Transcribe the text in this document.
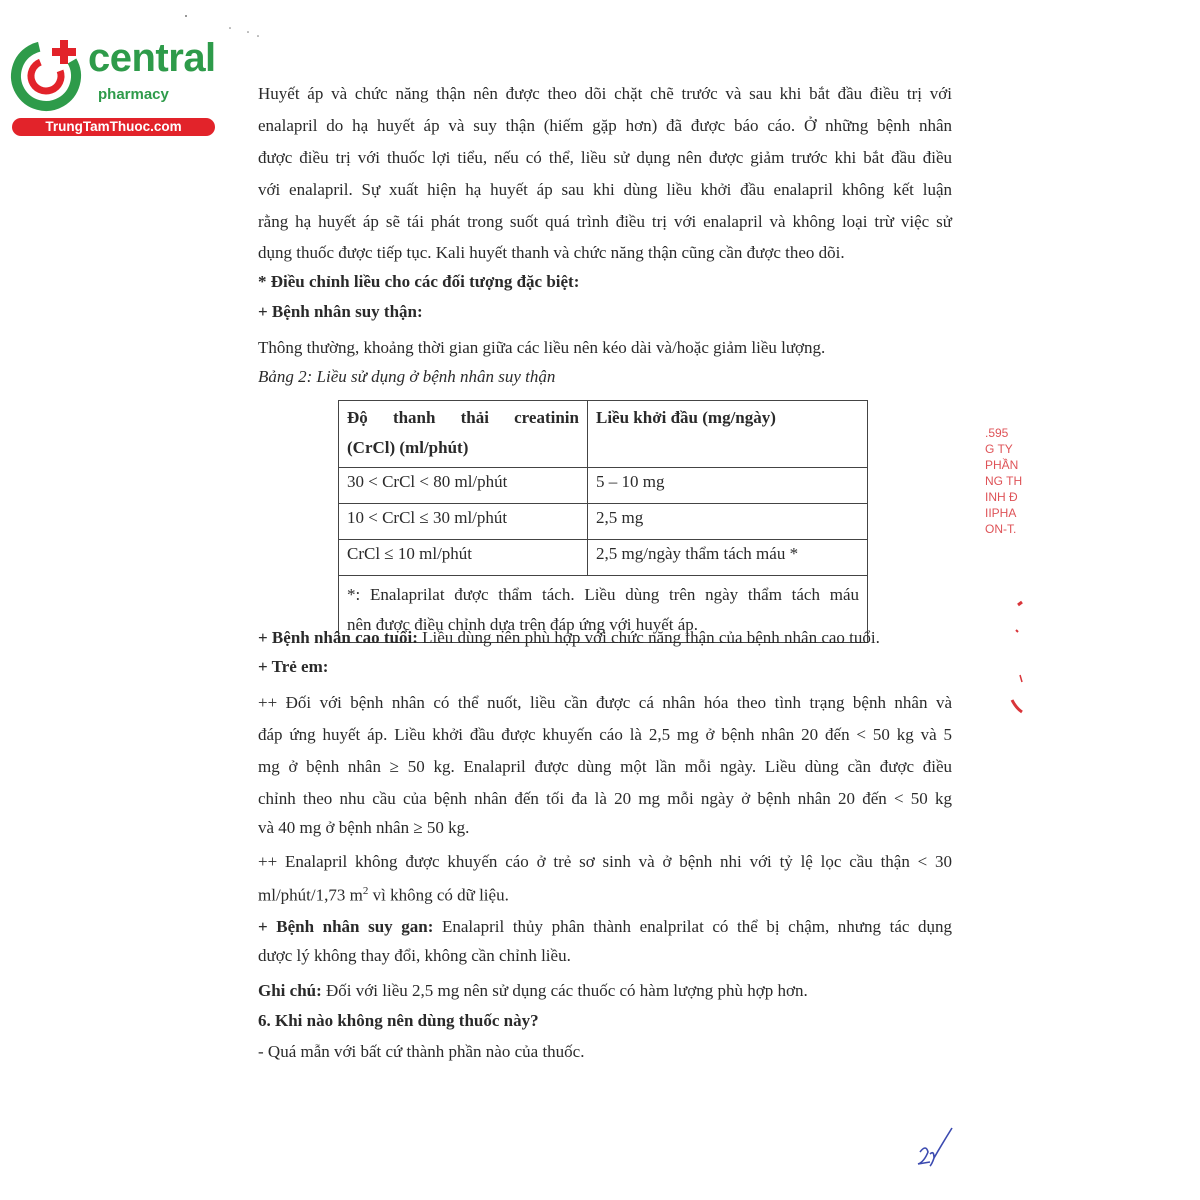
central
pharmacy
TrungTamThuoc.com
Huyết áp và chức năng thận nên được theo dõi chặt chẽ trước và sau khi bắt đầu điều trị với
enalapril do hạ huyết áp và suy thận (hiếm gặp hơn) đã được báo cáo. Ở những bệnh nhân
được điều trị với thuốc lợi tiểu, nếu có thể, liều sử dụng nên được giảm trước khi bắt đầu điều
với enalapril. Sự xuất hiện hạ huyết áp sau khi dùng liều khởi đầu enalapril không kết luận
rằng hạ huyết áp sẽ tái phát trong suốt quá trình điều trị với enalapril và không loại trừ việc sử
dụng thuốc được tiếp tục. Kali huyết thanh và chức năng thận cũng cần được theo dõi.
* Điều chỉnh liều cho các đối tượng đặc biệt:
+ Bệnh nhân suy thận:
Thông thường, khoảng thời gian giữa các liều nên kéo dài và/hoặc giảm liều lượng.
Bảng 2: Liều sử dụng ở bệnh nhân suy thận
Độ thanh thải creatinin
(CrCl) (ml/phút)	Liều khởi đầu (mg/ngày)

30 < CrCl < 80 ml/phút	5 – 10 mg
10 < CrCl ≤ 30 ml/phút	2,5 mg
CrCl ≤ 10 ml/phút	2,5 mg/ngày thẩm tách máu *

*: Enalaprilat được thẩm tách. Liều dùng trên ngày thẩm tách máu
nên được điều chỉnh dựa trên đáp ứng với huyết áp.	
+ Bệnh nhân cao tuổi: Liều dùng nên phù hợp với chức năng thận của bệnh nhân cao tuổi.
+ Trẻ em:
++ Đối với bệnh nhân có thể nuốt, liều cần được cá nhân hóa theo tình trạng bệnh nhân và
đáp ứng huyết áp. Liều khởi đầu được khuyến cáo là 2,5 mg ở bệnh nhân 20 đến < 50 kg và 5
mg ở bệnh nhân ≥ 50 kg. Enalapril được dùng một lần mỗi ngày. Liều dùng cần được điều
chỉnh theo nhu cầu của bệnh nhân đến tối đa là 20 mg mỗi ngày ở bệnh nhân 20 đến < 50 kg
và 40 mg ở bệnh nhân ≥ 50 kg.
++ Enalapril không được khuyến cáo ở trẻ sơ sinh và ở bệnh nhi với tỷ lệ lọc cầu thận < 30
ml/phút/1,73 $m^2$ vì không có dữ liệu.
+ Bệnh nhân suy gan: Enalapril thủy phân thành enalprilat có thể bị chậm, nhưng tác dụng
dược lý không thay đổi, không cần chỉnh liều.
Ghi chú: Đối với liều 2,5 mg nên sử dụng các thuốc có hàm lượng phù hợp hơn.
6. Khi nào không nên dùng thuốc này?
- Quá mẫn với bất cứ thành phần nào của thuốc.
.595
G TY
PHẦN
NG TH
INH Đ
IIPHA
ON-T.
